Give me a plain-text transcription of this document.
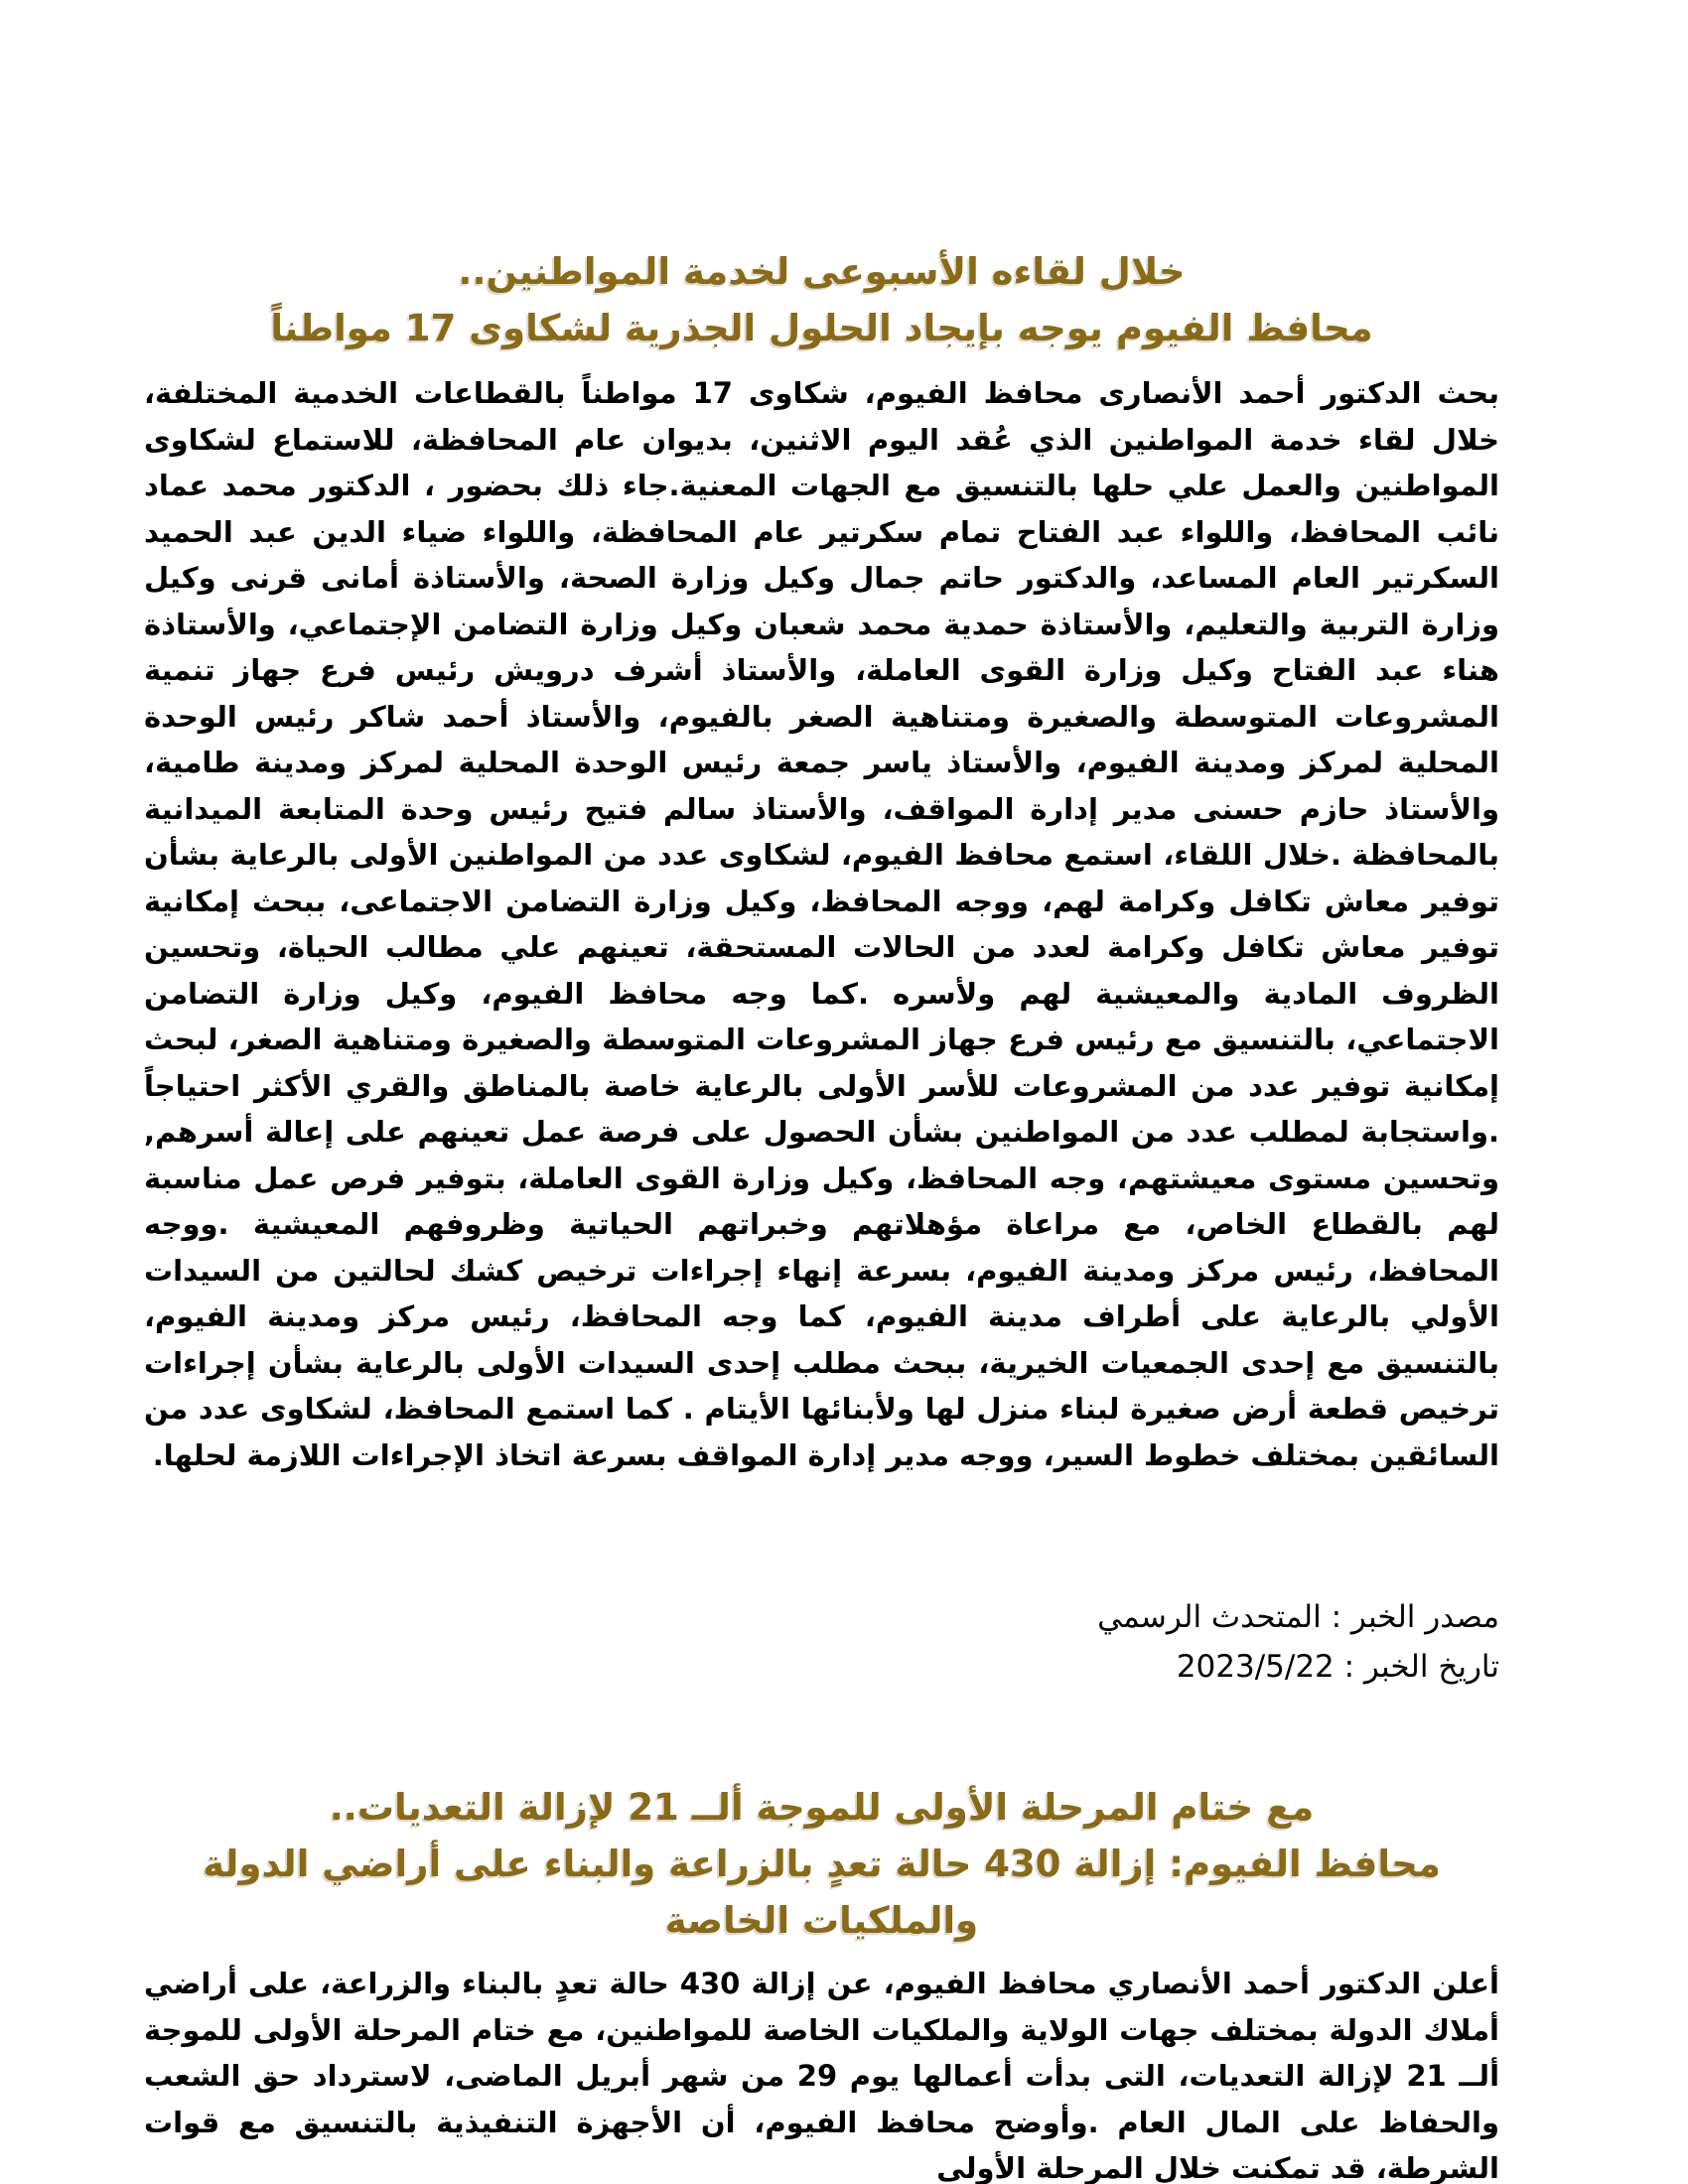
خلال لقاءه الأسبوعى لخدمة المواطنين..
محافظ الفيوم يوجه بإيجاد الحلول الجذرية لشكاوى 17 مواطناً

بحث الدكتور أحمد الأنصارى محافظ الفيوم، شكاوى 17 مواطناً بالقطاعات الخدمية المختلفة، خلال لقاء خدمة المواطنين الذي عُقد اليوم الاثنين، بديوان عام المحافظة، للاستماع لشكاوى المواطنين والعمل علي حلها بالتنسيق مع الجهات المعنية.جاء ذلك بحضور ، الدكتور محمد عماد نائب المحافظ، واللواء عبد الفتاح تمام سكرتير عام المحافظة، واللواء ضياء الدين عبد الحميد السكرتير العام المساعد، والدكتور حاتم جمال وكيل وزارة الصحة، والأستاذة أمانى قرنى وكيل وزارة التربية والتعليم، والأستاذة حمدية محمد شعبان وكيل وزارة التضامن الإجتماعي، والأستاذة هناء عبد الفتاح وكيل وزارة القوى العاملة، والأستاذ أشرف درويش رئيس فرع جهاز تنمية المشروعات المتوسطة والصغيرة ومتناهية الصغر بالفيوم، والأستاذ أحمد شاكر رئيس الوحدة المحلية لمركز ومدينة الفيوم، والأستاذ ياسر جمعة رئيس الوحدة المحلية لمركز ومدينة طامية، والأستاذ حازم حسنى مدير إدارة المواقف، والأستاذ سالم فتيح رئيس وحدة المتابعة الميدانية بالمحافظة .خلال اللقاء، استمع محافظ الفيوم، لشكاوى عدد من المواطنين الأولى بالرعاية بشأن توفير معاش تكافل وكرامة لهم، ووجه المحافظ، وكيل وزارة التضامن الاجتماعى، ببحث إمكانية توفير معاش تكافل وكرامة لعدد من الحالات المستحقة، تعينهم علي مطالب الحياة، وتحسين الظروف المادية والمعيشية لهم ولأسره .كما وجه محافظ الفيوم، وكيل وزارة التضامن الاجتماعي، بالتنسيق مع رئيس فرع جهاز المشروعات المتوسطة والصغيرة ومتناهية الصغر، لبحث إمكانية توفير عدد من المشروعات للأسر الأولى بالرعاية خاصة بالمناطق والقري الأكثر احتياجاً .واستجابة لمطلب عدد من المواطنين بشأن الحصول على فرصة عمل تعينهم على إعالة أسرهم, وتحسين مستوى معيشتهم، وجه المحافظ، وكيل وزارة القوى العاملة، بتوفير فرص عمل مناسبة لهم بالقطاع الخاص، مع مراعاة مؤهلاتهم وخبراتهم الحياتية وظروفهم المعيشية .ووجه المحافظ، رئيس مركز ومدينة الفيوم، بسرعة إنهاء إجراءات ترخيص كشك لحالتين من السيدات الأولي بالرعاية على أطراف مدينة الفيوم، كما وجه المحافظ، رئيس مركز ومدينة الفيوم، بالتنسيق مع إحدى الجمعيات الخيرية، ببحث مطلب إحدى السيدات الأولى بالرعاية بشأن إجراءات ترخيص قطعة أرض صغيرة لبناء منزل لها ولأبنائها الأيتام . كما استمع المحافظ، لشكاوى عدد من السائقين بمختلف خطوط السير، ووجه مدير إدارة المواقف بسرعة اتخاذ الإجراءات اللازمة لحلها.

مصدر الخبر : المتحدث الرسمي
تاريخ الخبر : 2023/5/22
مع ختام المرحلة الأولى للموجة ألــ 21 لإزالة التعديات..
محافظ الفيوم: إزالة 430 حالة تعدٍ بالزراعة والبناء على أراضي الدولة
والملكيات الخاصة

أعلن الدكتور أحمد الأنصاري محافظ الفيوم، عن إزالة 430 حالة تعدٍ بالبناء والزراعة، على أراضي أملاك الدولة بمختلف جهات الولاية والملكيات الخاصة للمواطنين، مع ختام المرحلة الأولى للموجة ألــ 21 لإزالة التعديات، التى بدأت أعمالها يوم 29 من شهر أبريل الماضى، لاسترداد حق الشعب والحفاظ على المال العام .وأوضح محافظ الفيوم، أن الأجهزة التنفيذية بالتنسيق مع قوات الشرطة، قد تمكنت خلال المرحلة الأولى
